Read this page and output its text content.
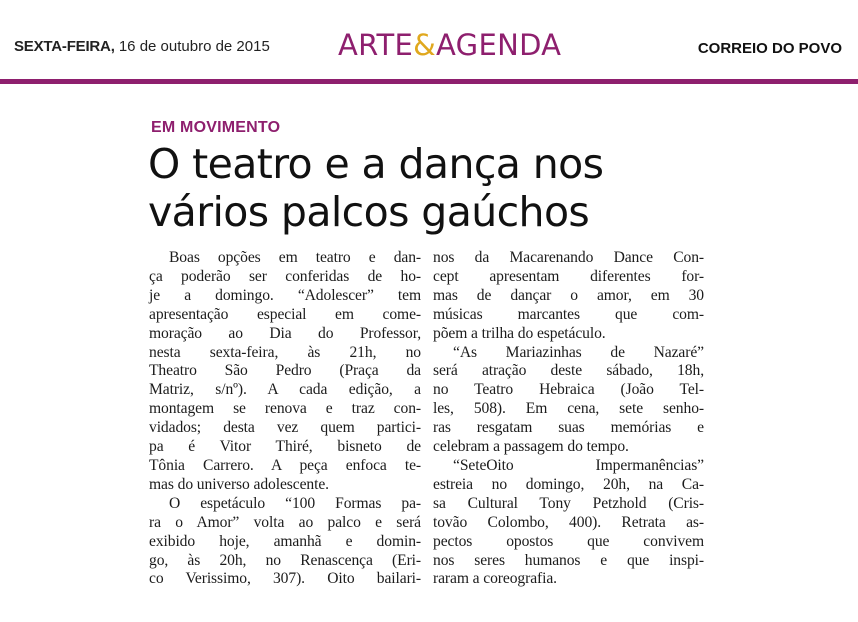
SEXTA-FEIRA, 16 de outubro de 2015 ARTE&AGENDA	CORREIO DO POVO
EM MOVIMENTO
O teatro e a dança nos
vários palcos gaúchos
Boas opções em teatro e dan-
ça poderão ser conferidas de ho-
je a domingo. “Adolescer” tem
apresentação especial em come-
moração ao Dia do Professor,
nesta sexta-feira, às 21h, no
Theatro São Pedro (Praça da
Matriz, s/nº). A cada edição, a
montagem se renova e traz con-
vidados; desta vez quem partici-
pa é Vitor Thiré, bisneto de
Tônia Carrero. A peça enfoca te-
mas do universo adolescente.
O espetáculo “100 Formas pa-
ra o Amor” volta ao palco e será
exibido hoje, amanhã e domin-
go, às 20h, no Renascença (Eri-
co Verissimo, 307). Oito bailari-
nos da Macarenando Dance Con-
cept apresentam diferentes for-
mas de dançar o amor, em 30
músicas marcantes que com-
põem a trilha do espetáculo.
“As Mariazinhas de Nazaré”
será atração deste sábado, 18h,
no Teatro Hebraica (João Tel-
les, 508). Em cena, sete senho-
ras resgatam suas memórias e
celebram a passagem do tempo.
“SeteOito Impermanências”
estreia no domingo, 20h, na Ca-
sa Cultural Tony Petzhold (Cris-
tovão Colombo, 400). Retrata as-
pectos opostos que convivem
nos seres humanos e que inspi-
raram a coreografia.
